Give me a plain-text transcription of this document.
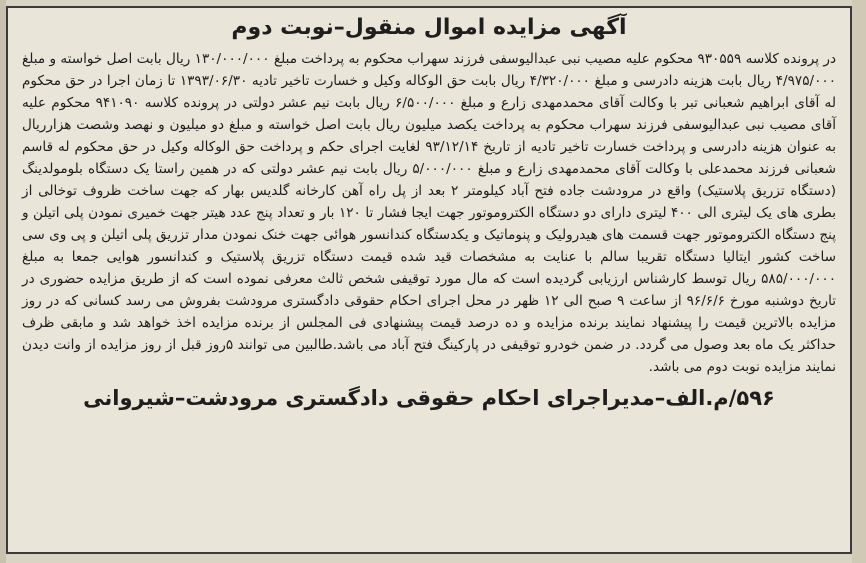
آگهی مزایده اموال منقول–نوبت دوم

در پرونده کلاسه ۹۳۰۵۵۹ محکوم علیه مصیب نبی عبدالیوسفی فرزند سهراب محکوم به پرداخت مبلغ ۱۳۰/۰۰۰/۰۰۰ ریال بابت اصل خواسته و مبلغ ۴/۹۷۵/۰۰۰ ریال بابت هزینه دادرسی و مبلغ ۴/۳۲۰/۰۰۰ ریال بابت حق الوکاله وکیل و خسارت تاخیر تادیه ۱۳۹۳/۰۶/۳۰ تا زمان اجرا در حق محکوم له آقای ابراهیم شعبانی تبر با وکالت آقای محمدمهدی زارع و مبلغ ۶/۵۰۰/۰۰۰ ریال بابت نیم عشر دولتی در پرونده کلاسه ۹۴۱۰۹۰ محکوم علیه آقای مصیب نبی عبدالیوسفی فرزند سهراب محکوم به پرداخت یکصد میلیون ریال بابت اصل خواسته و مبلغ دو میلیون و نهصد وشصت هزارریال به عنوان هزینه دادرسی و پرداخت خسارت تاخیر تادیه از تاریخ ۹۳/۱۲/۱۴ لغایت اجرای حکم و پرداخت حق الوکاله وکیل در حق محکوم له قاسم شعبانی فرزند محمدعلی با وکالت آقای محمدمهدی زارع و مبلغ ۵/۰۰۰/۰۰۰ ریال بابت نیم عشر دولتی که در همین راستا یک دستگاه بلومولدینگ (دستگاه تزریق پلاستیک) واقع در مرودشت جاده فتح آباد کیلومتر ۲ بعد از پل راه آهن کارخانه گلدیس بهار که جهت ساخت ظروف توخالی از بطری های یک لیتری الی ۴۰۰ لیتری دارای دو دستگاه الکتروموتور جهت ایجا فشار تا ۱۲۰ بار و تعداد پنج عدد هیتر جهت خمیری نمودن پلی اتیلن و پنج دستگاه الکتروموتور جهت قسمت های هیدرولیک و پنوماتیک و یکدستگاه کندانسور هوائی جهت خنک نمودن مدار تزریق پلی اتیلن و پی وی سی ساخت کشور ایتالیا دستگاه تقریبا سالم با عنایت به مشخصات قید شده قیمت دستگاه تزریق پلاستیک و کندانسور هوایی جمعا به مبلغ ۵۸۵/۰۰۰/۰۰۰ ریال توسط کارشناس ارزیابی گردیده است که مال مورد توقیفی شخص ثالث معرفی نموده است که از طریق مزایده حضوری در تاریخ دوشنبه مورخ ۹۶/۶/۶ از ساعت ۹ صبح الی ۱۲ ظهر در محل اجرای احکام حقوقی دادگستری مرودشت بفروش می رسد کسانی که در روز مزایده بالاترین قیمت را پیشنهاد نمایند برنده مزایده و ده درصد قیمت پیشنهادی فی المجلس از برنده مزایده اخذ خواهد شد و مابقی ظرف حداکثر یک ماه بعد وصول می گردد. در ضمن خودرو توقیفی در پارکینگ فتح آباد می باشد.طالبین می توانند ۵روز قبل از روز مزایده از وانت دیدن نمایند مزایده نوبت دوم می باشد.

۵۹۶/م.الف–مدیراجرای احکام حقوقی دادگستری مرودشت–شیروانی
